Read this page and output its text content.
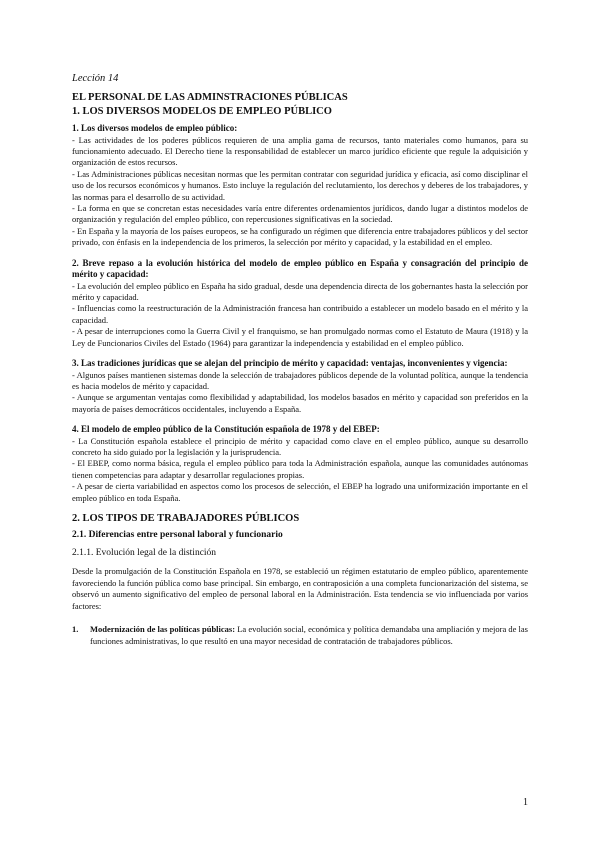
Lección 14

EL PERSONAL DE LAS ADMINSTRACIONES PÚBLICAS

1. LOS DIVERSOS MODELOS DE EMPLEO PÚBLICO

1. Los diversos modelos de empleo público:

- Las actividades de los poderes públicos requieren de una amplia gama de recursos, tanto materiales como humanos, para su funcionamiento adecuado. El Derecho tiene la responsabilidad de establecer un marco jurídico eficiente que regule la adquisición y organización de estos recursos.

- Las Administraciones públicas necesitan normas que les permitan contratar con seguridad jurídica y eficacia, así como disciplinar el uso de los recursos económicos y humanos. Esto incluye la regulación del reclutamiento, los derechos y deberes de los trabajadores, y las normas para el desarrollo de su actividad.

- La forma en que se concretan estas necesidades varía entre diferentes ordenamientos jurídicos, dando lugar a distintos modelos de organización y regulación del empleo público, con repercusiones significativas en la sociedad.

- En España y la mayoría de los países europeos, se ha configurado un régimen que diferencia entre trabajadores públicos y del sector privado, con énfasis en la independencia de los primeros, la selección por mérito y capacidad, y la estabilidad en el empleo.

2. Breve repaso a la evolución histórica del modelo de empleo público en España y consagración del principio de mérito y capacidad:

- La evolución del empleo público en España ha sido gradual, desde una dependencia directa de los gobernantes hasta la selección por mérito y capacidad.

- Influencias como la reestructuración de la Administración francesa han contribuido a establecer un modelo basado en el mérito y la capacidad.

- A pesar de interrupciones como la Guerra Civil y el franquismo, se han promulgado normas como el Estatuto de Maura (1918) y la Ley de Funcionarios Civiles del Estado (1964) para garantizar la independencia y estabilidad en el empleo público.

3. Las tradiciones jurídicas que se alejan del principio de mérito y capacidad: ventajas, inconvenientes y vigencia:

- Algunos países mantienen sistemas donde la selección de trabajadores públicos depende de la voluntad política, aunque la tendencia es hacia modelos de mérito y capacidad.

- Aunque se argumentan ventajas como flexibilidad y adaptabilidad, los modelos basados en mérito y capacidad son preferidos en la mayoría de países democráticos occidentales, incluyendo a España.

4. El modelo de empleo público de la Constitución española de 1978 y del EBEP:

- La Constitución española establece el principio de mérito y capacidad como clave en el empleo público, aunque su desarrollo concreto ha sido guiado por la legislación y la jurisprudencia.

- El EBEP, como norma básica, regula el empleo público para toda la Administración española, aunque las comunidades autónomas tienen competencias para adaptar y desarrollar regulaciones propias.

- A pesar de cierta variabilidad en aspectos como los procesos de selección, el EBEP ha logrado una uniformización importante en el empleo público en toda España.

2. LOS TIPOS DE TRABAJADORES PÚBLICOS

2.1. Diferencias entre personal laboral y funcionario

2.1.1. Evolución legal de la distinción

Desde la promulgación de la Constitución Española en 1978, se estableció un régimen estatutario de empleo público, aparentemente favoreciendo la función pública como base principal. Sin embargo, en contraposición a una completa funcionarización del sistema, se observó un aumento significativo del empleo de personal laboral en la Administración. Esta tendencia se vio influenciada por varios factores:

1.	Modernización de las políticas públicas: La evolución social, económica y política demandaba una ampliación y mejora de las funciones administrativas, lo que resultó en una mayor necesidad de contratación de trabajadores públicos.
1
